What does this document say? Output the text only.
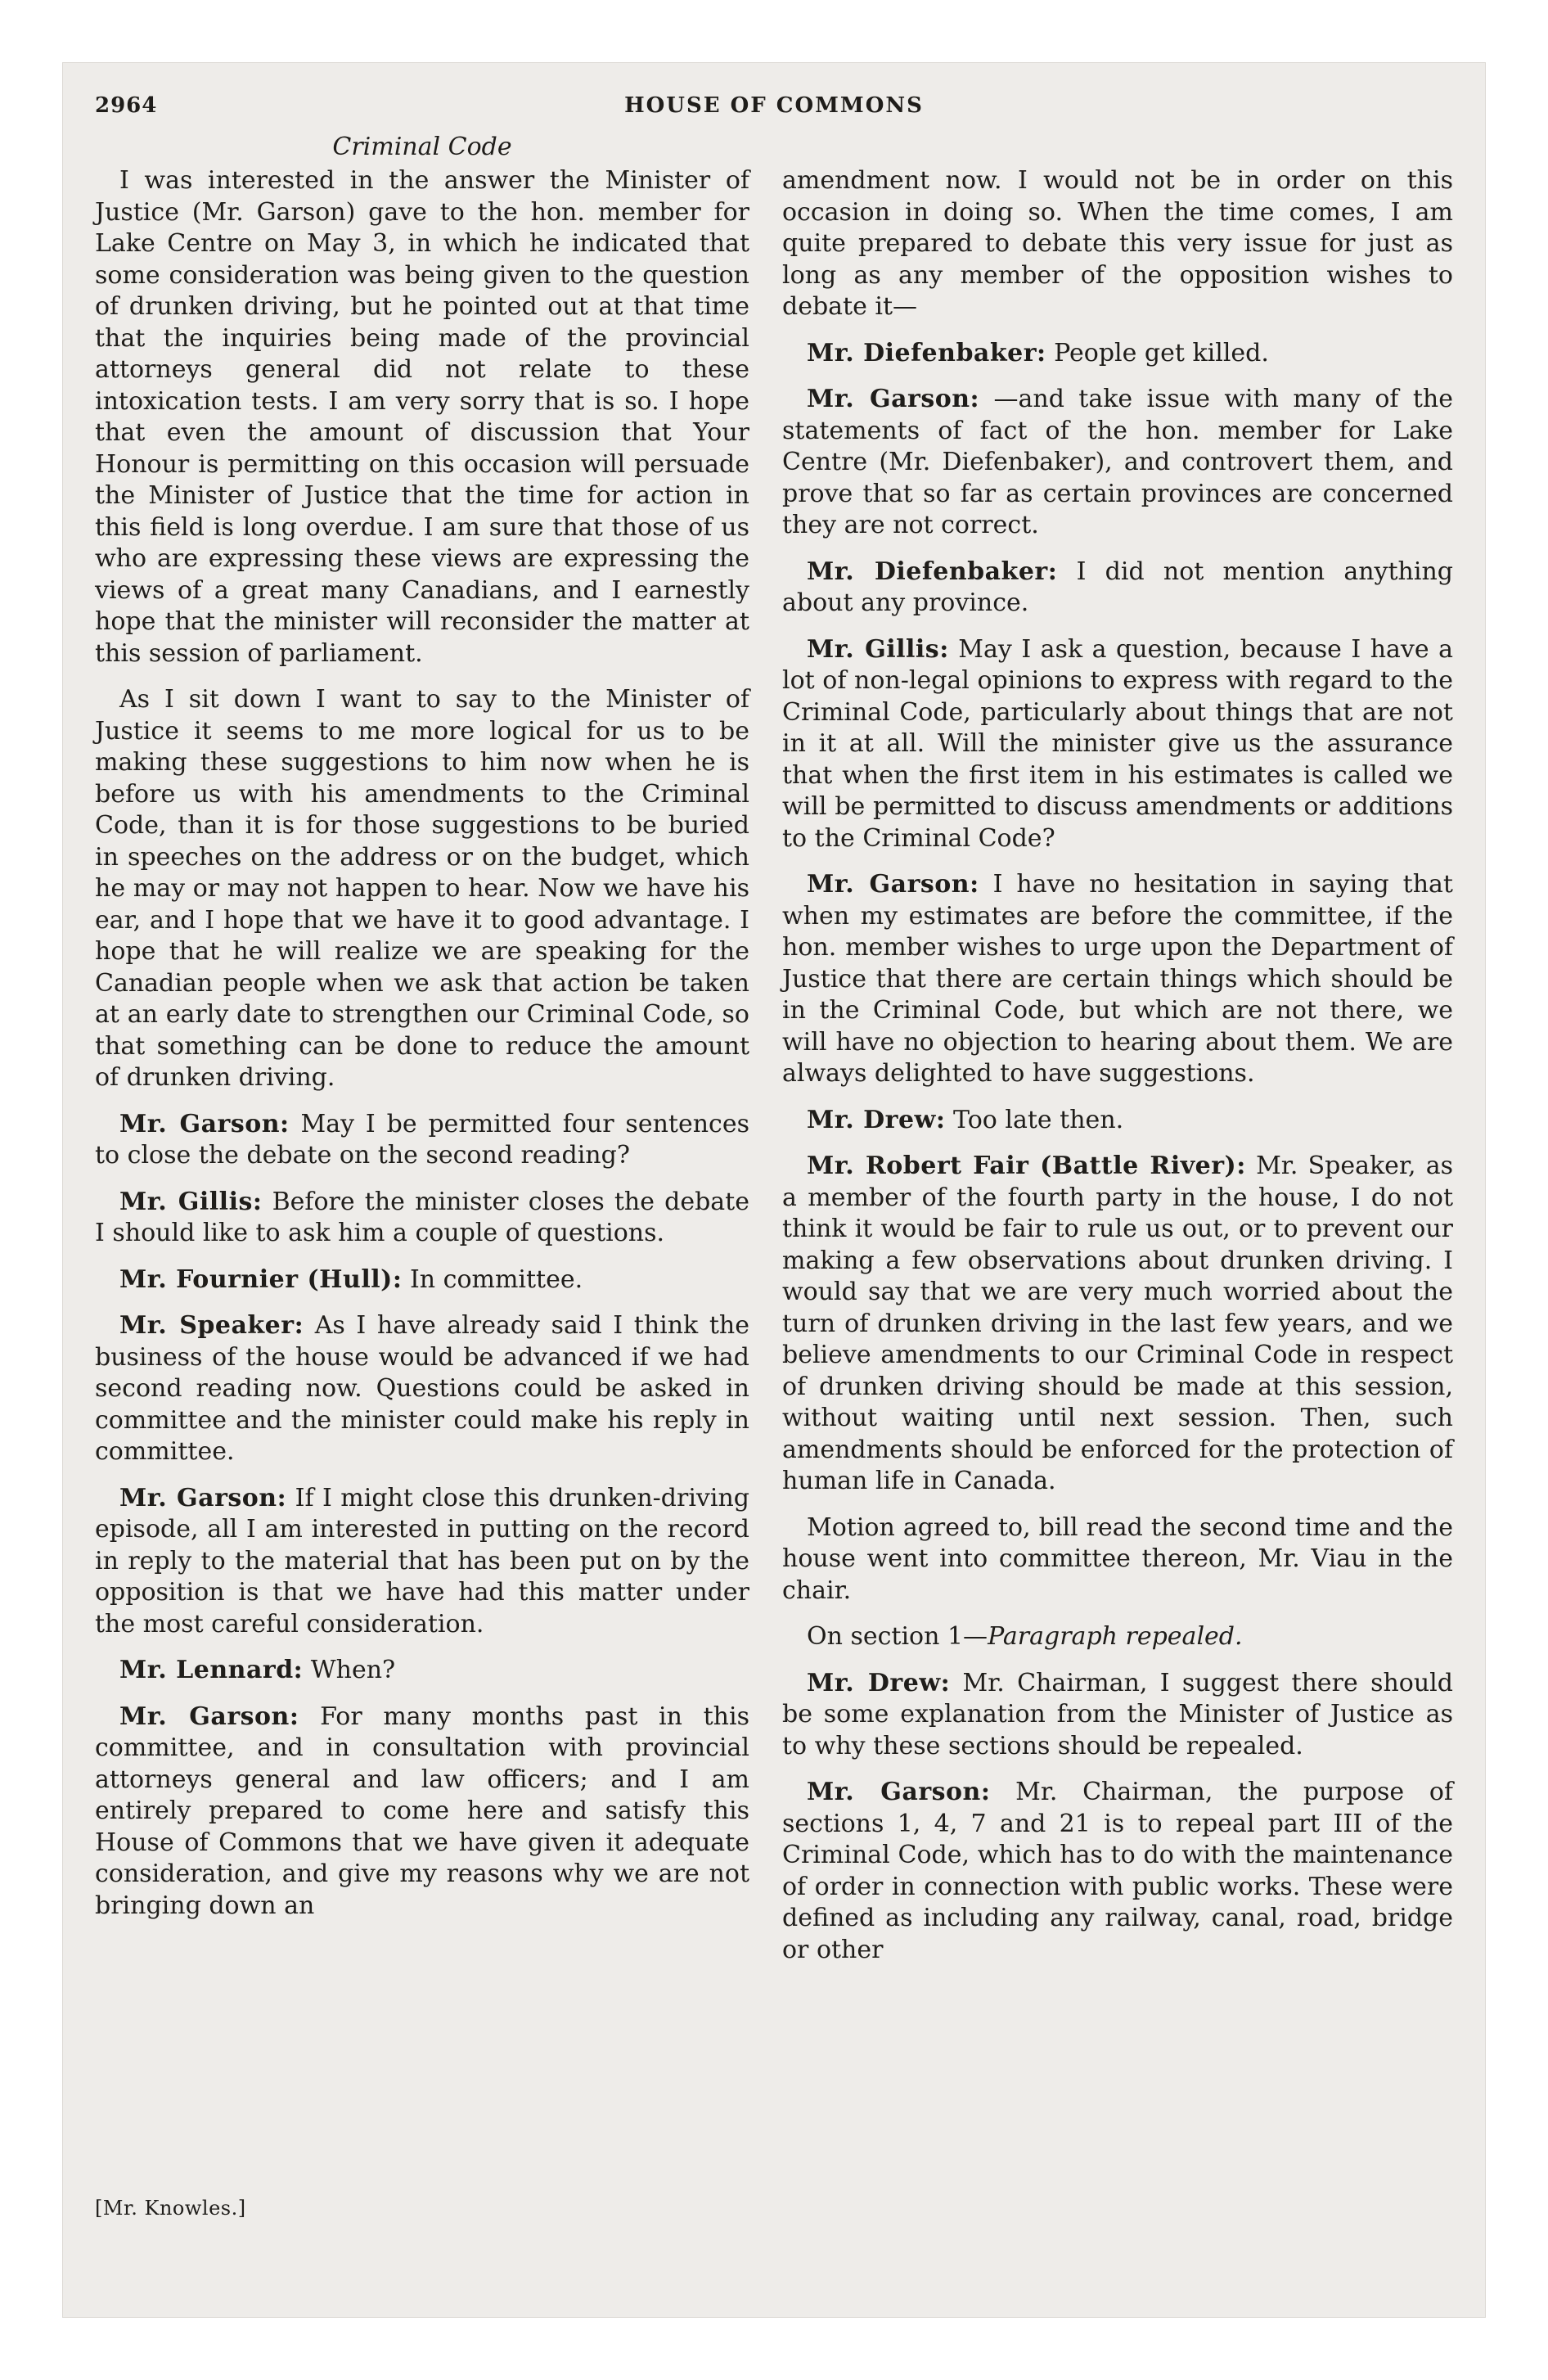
2964	HOUSE OF COMMONS
Criminal Code

I was interested in the answer the Minister of Justice (Mr. Garson) gave to the hon. member for Lake Centre on May 3, in which he indicated that some consideration was being given to the question of drunken driving, but he pointed out at that time that the inquiries being made of the provincial attorneys general did not relate to these intoxication tests. I am very sorry that is so. I hope that even the amount of discussion that Your Honour is permitting on this occasion will persuade the Minister of Justice that the time for action in this field is long overdue. I am sure that those of us who are expressing these views are expressing the views of a great many Canadians, and I earnestly hope that the minister will reconsider the matter at this session of parliament.

As I sit down I want to say to the Minister of Justice it seems to me more logical for us to be making these suggestions to him now when he is before us with his amendments to the Criminal Code, than it is for those suggestions to be buried in speeches on the address or on the budget, which he may or may not happen to hear. Now we have his ear, and I hope that we have it to good advantage. I hope that he will realize we are speaking for the Canadian people when we ask that action be taken at an early date to strengthen our Criminal Code, so that something can be done to reduce the amount of drunken driving.

Mr. Garson: May I be permitted four sentences to close the debate on the second reading?

Mr. Gillis: Before the minister closes the debate I should like to ask him a couple of questions.

Mr. Fournier (Hull): In committee.

Mr. Speaker: As I have already said I think the business of the house would be advanced if we had second reading now. Questions could be asked in committee and the minister could make his reply in committee.

Mr. Garson: If I might close this drunken-driving episode, all I am interested in putting on the record in reply to the material that has been put on by the opposition is that we have had this matter under the most careful consideration.

Mr. Lennard: When?

Mr. Garson: For many months past in this committee, and in consultation with provincial attorneys general and law officers; and I am entirely prepared to come here and satisfy this House of Commons that we have given it adequate consideration, and give my reasons why we are not bringing down an

amendment now. I would not be in order on this occasion in doing so. When the time comes, I am quite prepared to debate this very issue for just as long as any member of the opposition wishes to debate it—

Mr. Diefenbaker: People get killed.

Mr. Garson: —and take issue with many of the statements of fact of the hon. member for Lake Centre (Mr. Diefenbaker), and controvert them, and prove that so far as certain provinces are concerned they are not correct.

Mr. Diefenbaker: I did not mention anything about any province.

Mr. Gillis: May I ask a question, because I have a lot of non-legal opinions to express with regard to the Criminal Code, particularly about things that are not in it at all. Will the minister give us the assurance that when the first item in his estimates is called we will be permitted to discuss amendments or additions to the Criminal Code?

Mr. Garson: I have no hesitation in saying that when my estimates are before the committee, if the hon. member wishes to urge upon the Department of Justice that there are certain things which should be in the Criminal Code, but which are not there, we will have no objection to hearing about them. We are always delighted to have suggestions.

Mr. Drew: Too late then.

Mr. Robert Fair (Battle River): Mr. Speaker, as a member of the fourth party in the house, I do not think it would be fair to rule us out, or to prevent our making a few observations about drunken driving. I would say that we are very much worried about the turn of drunken driving in the last few years, and we believe amendments to our Criminal Code in respect of drunken driving should be made at this session, without waiting until next session. Then, such amendments should be enforced for the protection of human life in Canada.

Motion agreed to, bill read the second time and the house went into committee thereon, Mr. Viau in the chair.

On section 1—Paragraph repealed.

Mr. Drew: Mr. Chairman, I suggest there should be some explanation from the Minister of Justice as to why these sections should be repealed.

Mr. Garson: Mr. Chairman, the purpose of sections 1, 4, 7 and 21 is to repeal part III of the Criminal Code, which has to do with the maintenance of order in connection with public works. These were defined as including any railway, canal, road, bridge or other

[Mr. Knowles.]
